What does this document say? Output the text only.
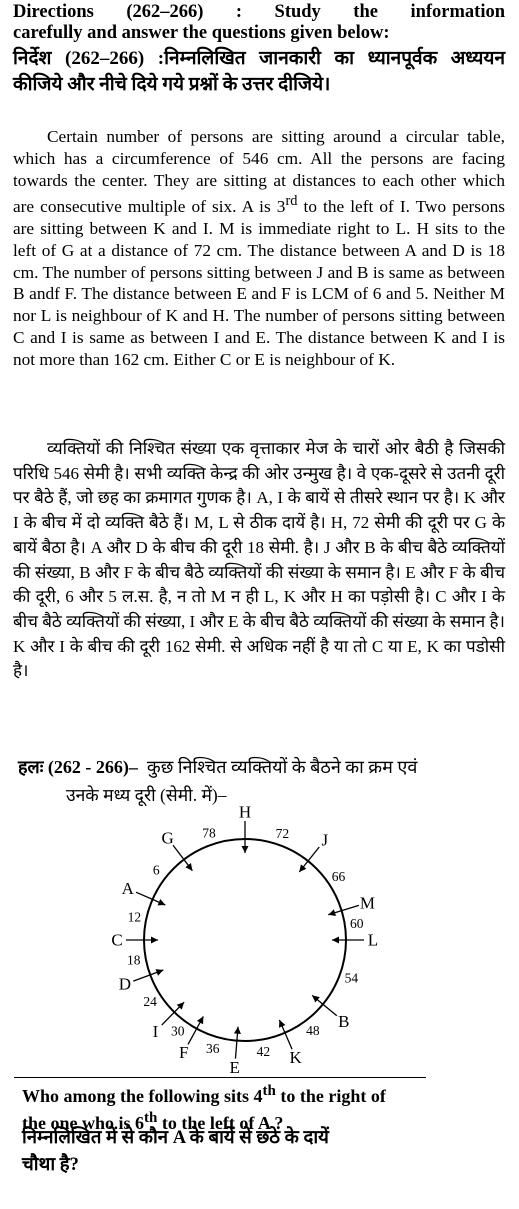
Directions (262–266) : Study the information
carefully and answer the questions given below:

निर्देश (262–266) :निम्नलिखित जानकारी का ध्यानपूर्वक अध्ययन कीजिये और नीचे दिये गये प्रश्नों के उत्तर दीजिये।

Certain number of persons are sitting around a circular table, which has a circumference of 546 cm. All the persons are facing towards the center. They are sitting at distances to each other which are consecutive multiple of six. A is 3rd to the left of I. Two persons are sitting between K and I. M is immediate right to L. H sits to the left of G at a distance of 72 cm. The distance between A and D is 18 cm. The number of persons sitting between J and B is same as between B andf F. The distance between E and F is LCM of 6 and 5. Neither M nor L is neighbour of K and H. The number of persons sitting between C and I is same as between I and E. The distance between K and I is not more than 162 cm. Either C or E is neighbour of K.

व्यक्तियों की निश्चित संख्या एक वृत्ताकार मेज के चारों ओर बैठी है जिसकी परिधि 546 सेमी है। सभी व्यक्ति केन्द्र की ओर उन्मुख है। वे एक-दूसरे से उतनी दूरी पर बैठे हैं, जो छह का क्रमागत गुणक है। A, I के बायें से तीसरे स्थान पर है। K और I के बीच में दो व्यक्ति बैठे हैं। M, L से ठीक दायें है। H, 72 सेमी की दूरी पर G के बायें बैठा है। A और D के बीच की दूरी 18 सेमी. है। J और B के बीच बैठे व्यक्तियों की संख्या, B और F के बीच बैठे व्यक्तियों की संख्या के समान है। E और F के बीच की दूरी, 6 और 5 ल.स. है, न तो M न ही L, K और H का पड़ोसी है। C और I के बीच बैठे व्यक्तियों की संख्या, I और E के बीच बैठे व्यक्तियों की संख्या के समान है। K और I के बीच की दूरी 162 सेमी. से अधिक नहीं है या तो C या E, K का पडोसी है।

हलः (262 - 266)– कुछ निश्चित व्यक्तियों के बैठने का क्रम एवं
उनके मध्य दूरी (सेमी. में)–
H
J
M
L
B
K
E
F
I
D
C
A
G	72
66
60
54
48
42
36
30
24
18
12
6
78
Who among the following sits 4th to the right of
the one who is 6th to the left of A ?
निम्नलिखित में से कौन A के बायें से छठे के दायें
चौथा है?
